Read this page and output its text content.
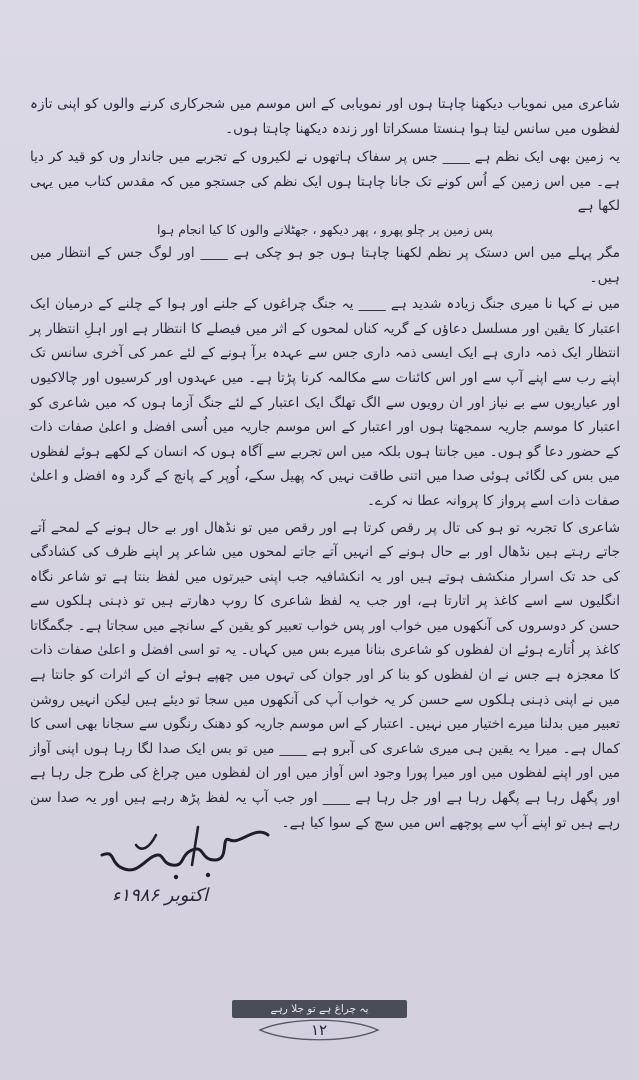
شاعری میں نمویاب دیکھنا چاہتا ہوں اور نمویابی کے اس موسم میں شجرکاری کرنے والوں کو اپنی تازہ لفظوں میں سانس لیتا ہوا ہنستا مسکراتا اور زندہ دیکھنا چاہتا ہوں۔

یہ زمین بھی ایک نظم ہے ____ جس پر سفاک ہاتھوں نے لکیروں کے تجربے میں جاندار وں کو قید کر دیا ہے۔ میں اس زمین کے اُس کونے تک جانا چاہتا ہوں ایک نظم کی جستجو میں کہ مقدس کتاب میں یہی لکھا ہے

پس زمین پر چلو پھرو ، پھر دیکھو ، جھٹلانے والوں کا کیا انجام ہوا

مگر پہلے میں اس دستک پر نظم لکھنا چاہتا ہوں جو ہو چکی ہے ____ اور لوگ جس کے انتظار میں ہیں۔

میں نے کہا نا میری جنگ زیادہ شدید ہے ____ یہ جنگ چراغوں کے جلنے اور ہوا کے چلنے کے درمیان ایک اعتبار کا یقین اور مسلسل دعاؤں کے گریہ کناں لمحوں کے اثر میں فیصلے کا انتظار ہے اور اہلِ انتظار پر انتظار ایک ذمہ داری ہے ایک ایسی ذمہ داری جس سے عہدہ برآ ہونے کے لئے عمر کی آخری سانس تک اپنے رب سے اپنے آپ سے اور اس کائنات سے مکالمہ کرنا پڑتا ہے۔ میں عہدوں اور کرسیوں اور چالاکیوں اور عیاریوں سے بے نیاز اور ان رویوں سے الگ تھلگ ایک اعتبار کے لئے جنگ آزما ہوں کہ میں شاعری کو اعتبار کا موسم جاریہ سمجھتا ہوں اور اعتبار کے اس موسم جاریہ میں اُسی افضل و اعلیٰ صفات ذات کے حضور دعا گو ہوں۔ میں جانتا ہوں بلکہ میں اس تجربے سے آگاہ ہوں کہ انسان کے لکھے ہوئے لفظوں میں بس کی لگائی ہوئی صدا میں اتنی طاقت نہیں کہ پھیل سکے، اُوپر کے پانچ کے گرد وہ افضل و اعلیٰ صفات ذات اسے پرواز کا پروانہ عطا نہ کرے۔

شاعری کا تجربہ تو ہو کی تال پر رقص کرتا ہے اور رقص میں تو نڈھال اور بے حال ہونے کے لمحے آتے جاتے رہتے ہیں نڈھال اور بے حال ہونے کے انہیں آتے جاتے لمحوں میں شاعر پر اپنے ظرف کی کشادگی کی حد تک اسرار منکشف ہوتے ہیں اور یہ انکشافیہ جب اپنی حیرتوں میں لفظ بنتا ہے تو شاعر نگاہ انگلیوں سے اسے کاغذ پر اتارتا ہے، اور جب یہ لفظ شاعری کا روپ دھارتے ہیں تو ذہنی ہلکوں سے حسن کر دوسروں کی آنکھوں میں خواب اور پس خواب تعبیر کو یقین کے سانچے میں سجاتا ہے۔ جگمگاتا کاغذ پر اُتارے ہوئے ان لفظوں کو شاعری بنانا میرے بس میں کہاں۔ یہ تو اسی افضل و اعلیٰ صفات ذات کا معجزہ ہے جس نے ان لفظوں کو بنا کر اور جوان کی تہوں میں چھپے ہوئے ان کے اثرات کو جانتا ہے میں نے اپنی ذہنی ہلکوں سے حسن کر یہ خواب آپ کی آنکھوں میں سجا تو دیئے ہیں لیکن انہیں روشن تعبیر میں بدلنا میرے اختیار میں نہیں۔ اعتبار کے اس موسم جاریہ کو دھنک رنگوں سے سجانا بھی اسی کا کمال ہے۔ میرا یہ یقین ہی میری شاعری کی آبرو ہے ____ میں تو بس ایک صدا لگا رہا ہوں اپنی آواز میں اور اپنے لفظوں میں اور میرا پورا وجود اس آواز میں اور ان لفظوں میں چراغ کی طرح جل رہا ہے اور پگھل رہا ہے پگھل رہا ہے اور جل رہا ہے ____ اور جب آپ یہ لفظ پڑھ رہے ہیں اور یہ صدا سن رہے ہیں تو اپنے آپ سے پوچھے اس میں سچ کے سوا کیا ہے۔

اکتوبر ۱۹۸۶ء
یہ چراغ ہے تو جلا رہے
۱۲
